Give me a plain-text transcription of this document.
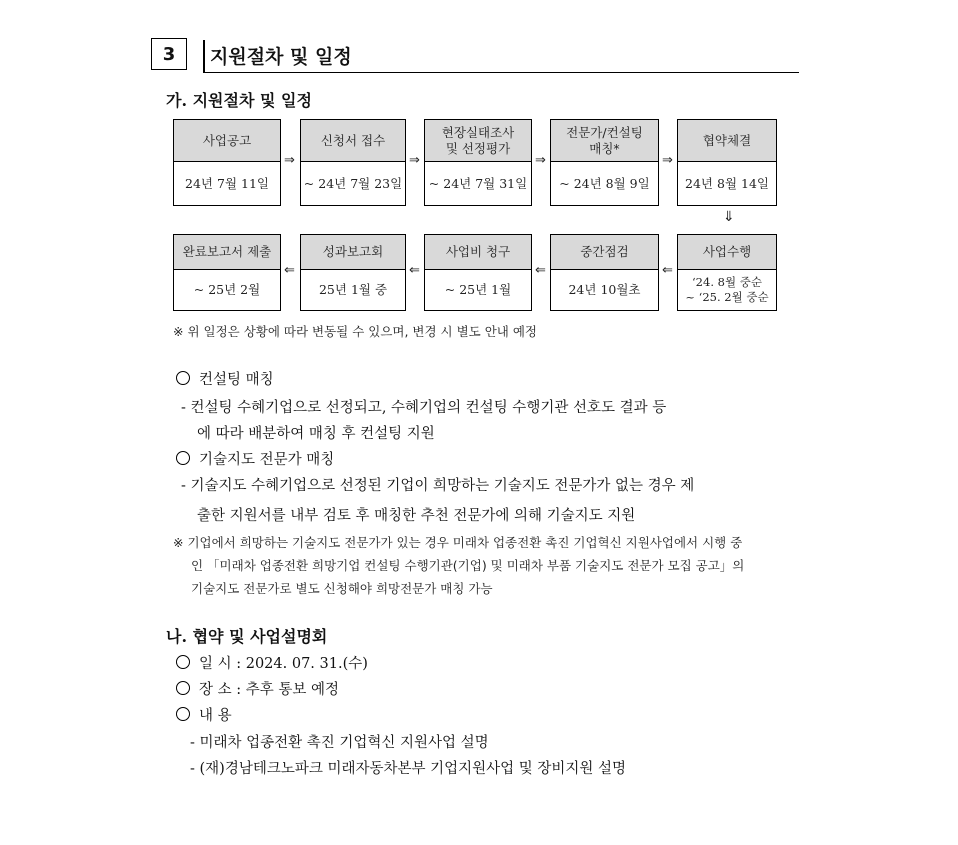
3	지원절차 및 일정
가. 지원절차 및 일정
사업공고
24년 7월 11일
⇒
신청서 접수
~ 24년 7월 23일
⇒
현장실태조사
및 선정평가
~ 24년 7월 31일
⇒
전문가/컨설팅
매칭*
~ 24년 8월 9일
⇒
협약체결
24년 8월 14일
⇓
완료보고서 제출
~ 25년 2월
⇐
성과보고회
25년 1월 중
⇐
사업비 청구
~ 25년 1월
⇐
중간점검
24년 10월초
⇐
사업수행
‘24. 8월 중순
~ ‘25. 2월 중순
※ 위 일정은 상황에 따라 변동될 수 있으며, 변경 시 별도 안내 예정
컨설팅 매칭
- 컨설팅 수혜기업으로 선정되고, 수혜기업의 컨설팅 수행기관 선호도 결과 등
에 따라 배분하여 매칭 후 컨설팅 지원
기술지도 전문가 매칭
- 기술지도 수혜기업으로 선정된 기업이 희망하는 기술지도 전문가가 없는 경우 제
출한 지원서를 내부 검토 후 매칭한 추천 전문가에 의해 기술지도 지원
※ 기업에서 희망하는 기술지도 전문가가 있는 경우 미래차 업종전환 촉진 기업혁신 지원사업에서 시행 중
인 「미래차 업종전환 희망기업 컨설팅 수행기관(기업) 및 미래차 부품 기술지도 전문가 모집 공고」의
기술지도 전문가로 별도 신청해야 희망전문가 매칭 가능
나. 협약 및 사업설명회
일 시 : 2024. 07. 31.(수)
장 소 : 추후 통보 예정
내 용
- 미래차 업종전환 촉진 기업혁신 지원사업 설명
- (재)경남테크노파크 미래자동차본부 기업지원사업 및 장비지원 설명
